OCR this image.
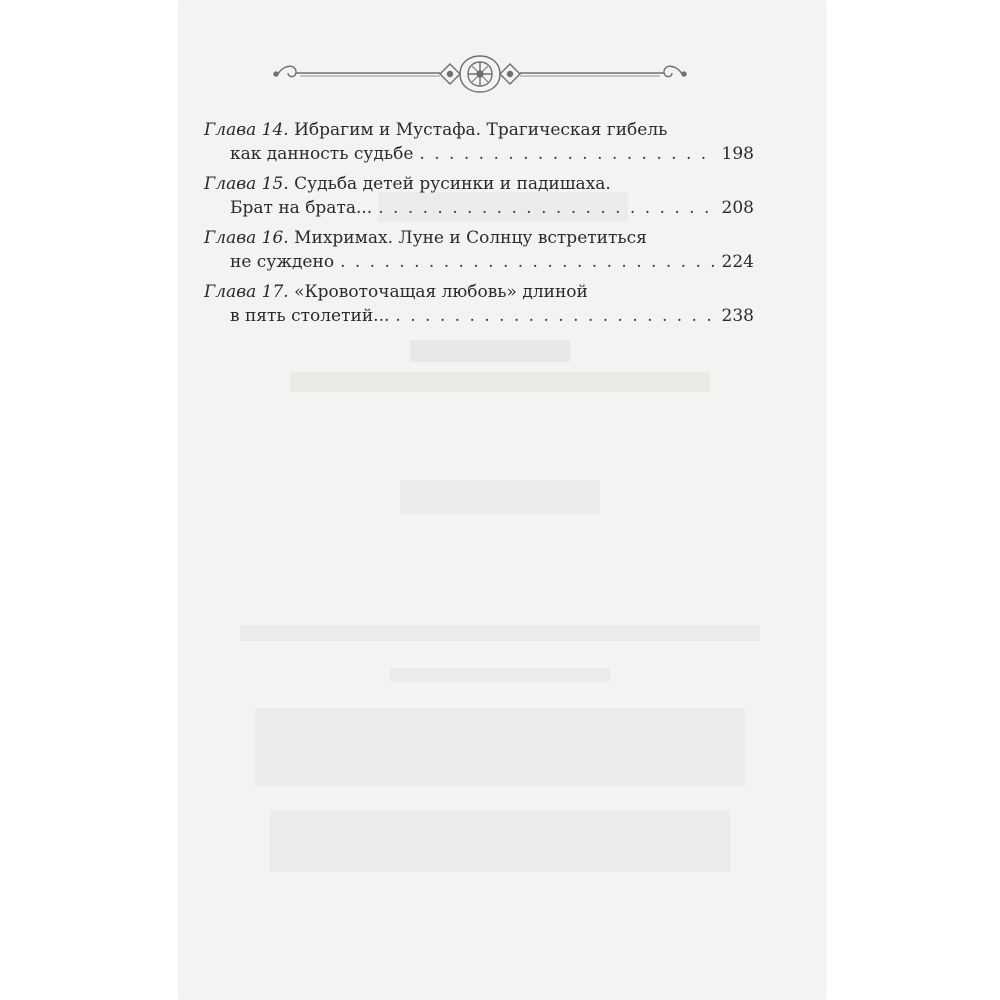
Глава 14. Ибрагим и Мустафа. Трагическая гибель
как данность судьбе . . .	198
Глава 15. Судьба детей русинки и падишаха.
Брат на брата... . . .	208
Глава 16. Михримах. Луне и Солнцу встретиться
не суждено . . .	224
Глава 17. «Кровоточащая любовь» длиной
в пять столетий... . . .	238
